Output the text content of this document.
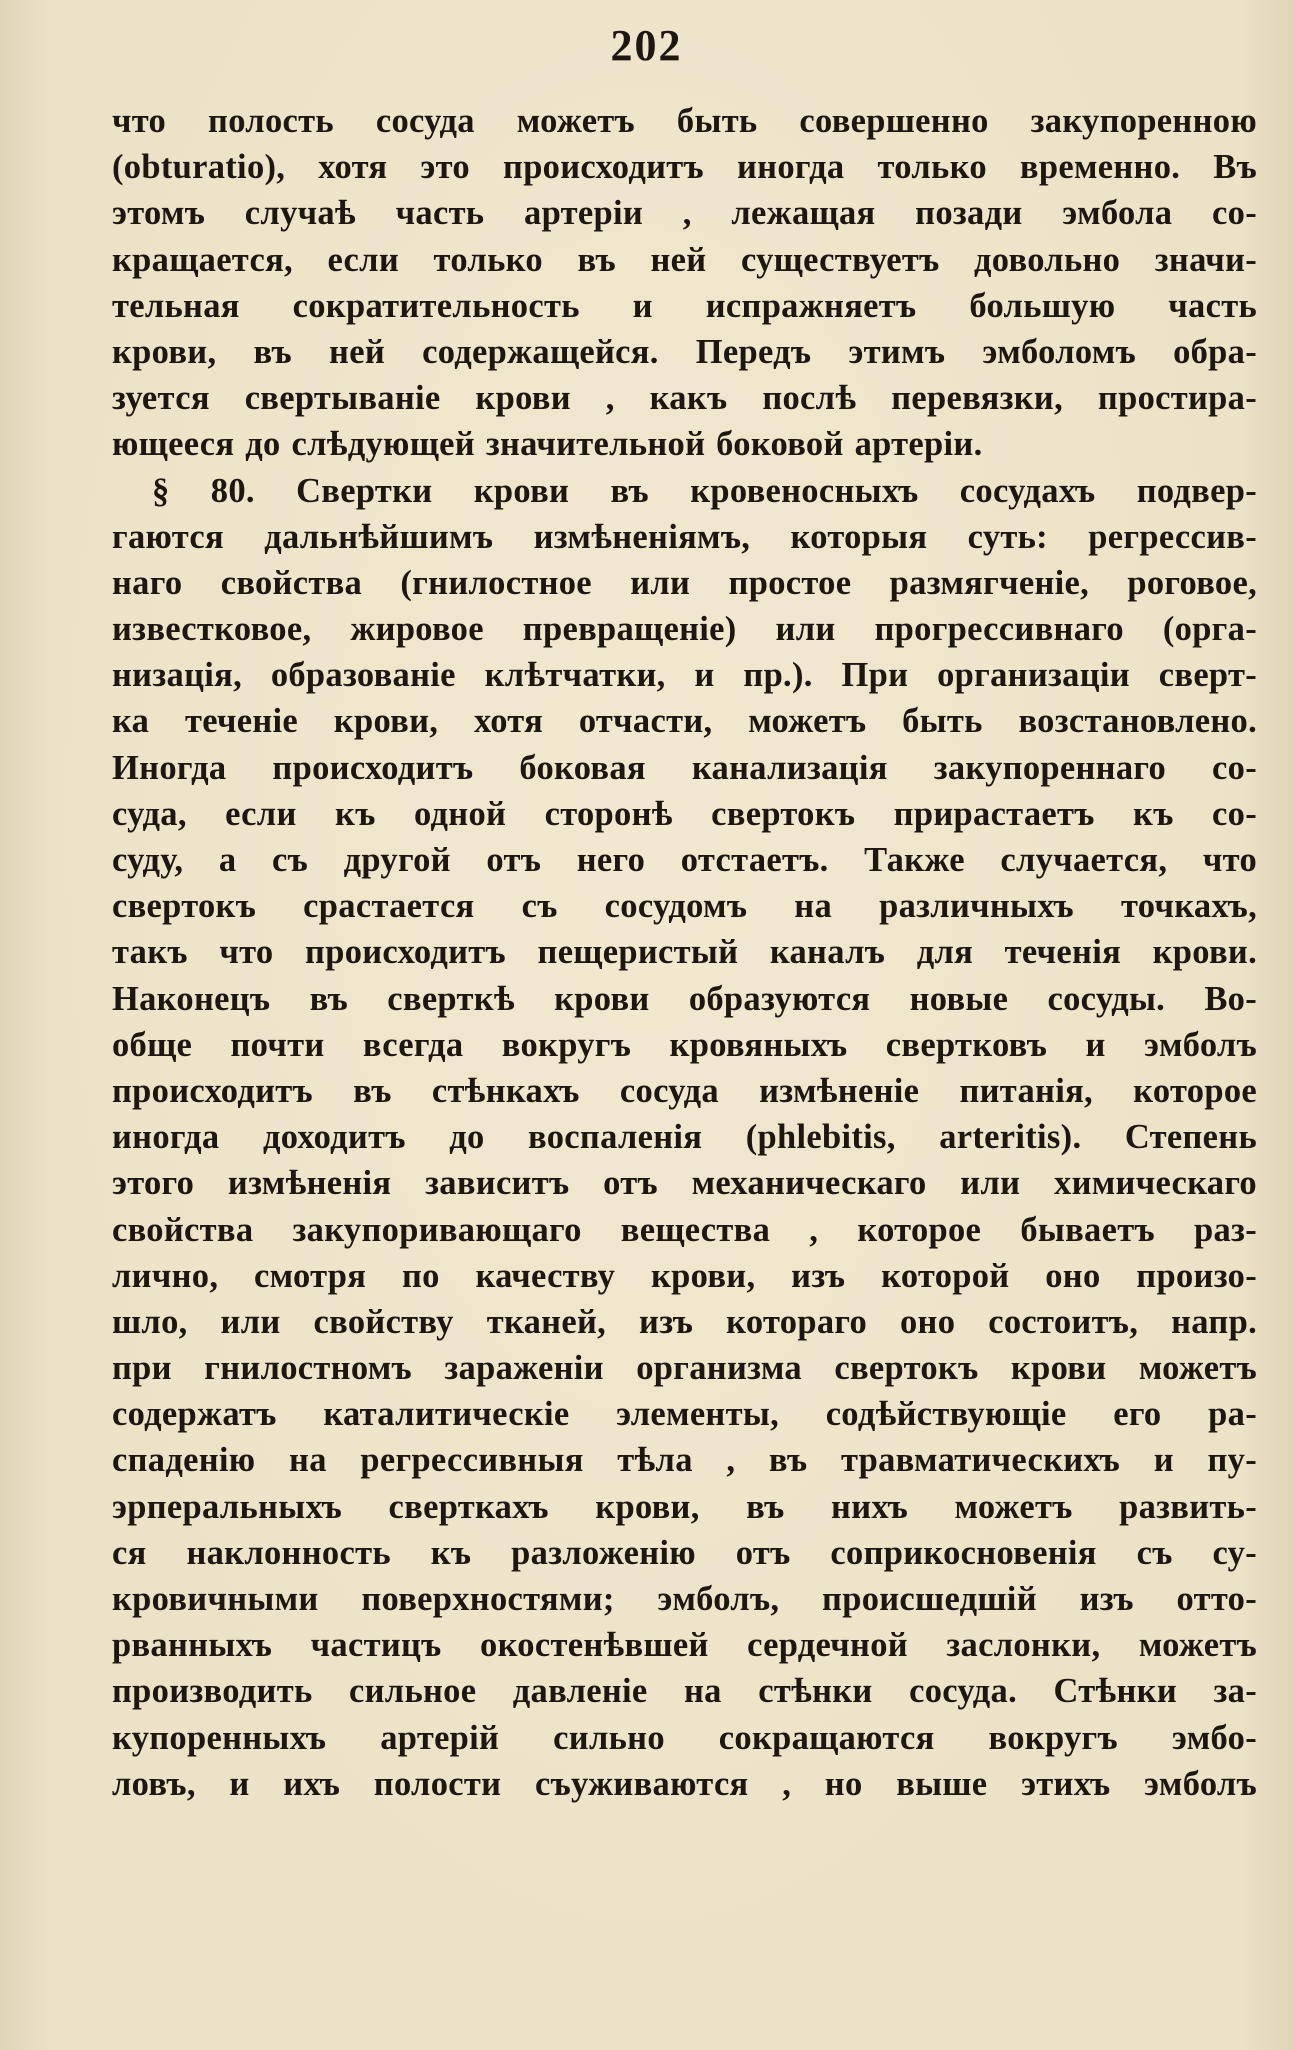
202
что полость сосуда можетъ быть совершенно закупоренною
(obturatio), хотя это происходитъ иногда только временно. Въ
этомъ случаѣ часть артеріи , лежащая позади эмбола со-
кращается, если только въ ней существуетъ довольно значи-
тельная сократительность и испражняетъ большую часть
крови, въ ней содержащейся. Передъ этимъ эмболомъ обра-
зуется свертываніе крови , какъ послѣ перевязки, простира-
ющееся до слѣдующей значительной боковой артеріи.
§ 80. Свертки крови въ кровеносныхъ сосудахъ подвер-
гаются дальнѣйшимъ измѣненіямъ, которыя суть: регрессив-
наго свойства (гнилостное или простое размягченіе, роговое,
известковое, жировое превращеніе) или прогрессивнаго (орга-
низація, образованіе клѣтчатки, и пр.). При организаціи сверт-
ка теченіе крови, хотя отчасти, можетъ быть возстановлено.
Иногда происходитъ боковая канализація закупореннаго со-
суда, если къ одной сторонѣ свертокъ прирастаетъ къ со-
суду, а съ другой отъ него отстаетъ. Также случается, что
свертокъ срастается съ сосудомъ на различныхъ точкахъ,
такъ что происходитъ пещеристый каналъ для теченія крови.
Наконецъ въ сверткѣ крови образуются новые сосуды. Во-
обще почти всегда вокругъ кровяныхъ свертковъ и эмболъ
происходитъ въ стѣнкахъ сосуда измѣненіе питанія, которое
иногда доходитъ до воспаленія (phlebitis, arteritis). Степень
этого измѣненія зависитъ отъ механическаго или химическаго
свойства закупоривающаго вещества , которое бываетъ раз-
лично, смотря по качеству крови, изъ которой оно произо-
шло, или свойству тканей, изъ котораго оно состоитъ, напр.
при гнилостномъ зараженіи организма свертокъ крови можетъ
содержатъ каталитическіе элементы, содѣйствующіе его ра-
спаденію на регрессивныя тѣла , въ травматическихъ и пу-
эрперальныхъ сверткахъ крови, въ нихъ можетъ развить-
ся наклонность къ разложенію отъ соприкосновенія съ су-
кровичными поверхностями; эмболъ, происшедшій изъ отто-
рванныхъ частицъ окостенѣвшей сердечной заслонки, можетъ
производить сильное давленіе на стѣнки сосуда. Стѣнки за-
купоренныхъ артерій сильно сокращаются вокругъ эмбо-
ловъ, и ихъ полости съуживаются , но выше этихъ эмболъ
